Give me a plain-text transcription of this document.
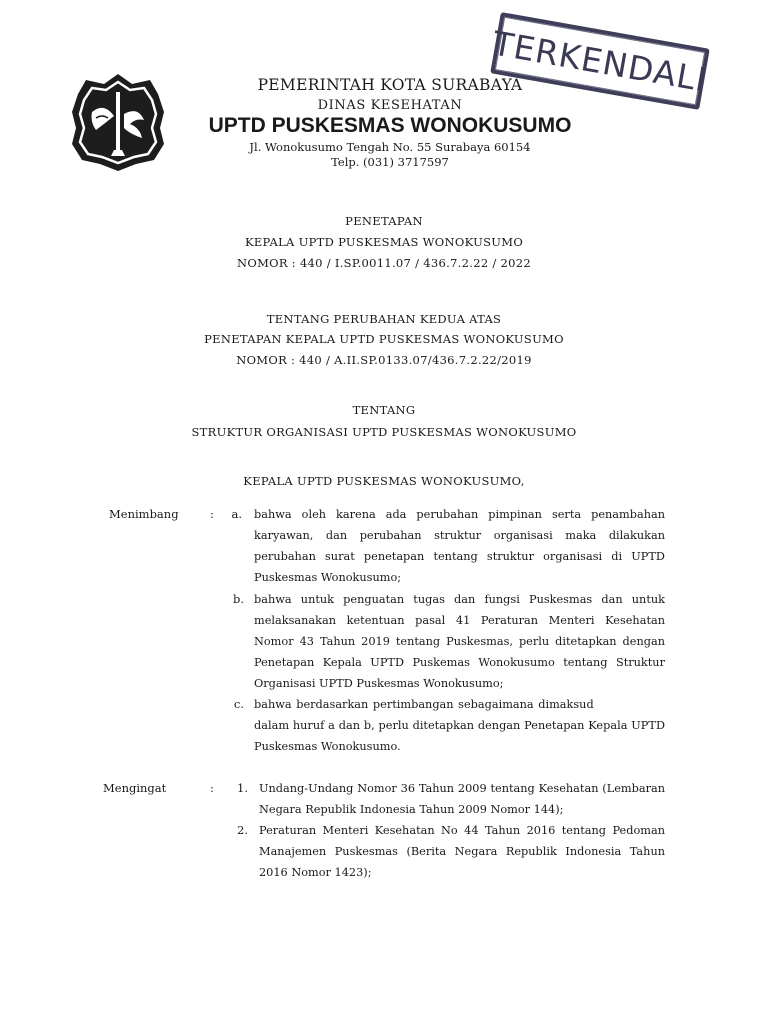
PEMERINTAH KOTA SURABAYA
DINAS KESEHATAN
UPTD PUSKESMAS WONOKUSUMO
Jl. Wonokusumo Tengah No. 55 Surabaya 60154
Telp. (031) 3717597
TERKENDALI
PENETAPAN
KEPALA UPTD PUSKESMAS WONOKUSUMO
NOMOR : 440 / I.SP.0011.07 / 436.7.2.22 / 2022
TENTANG PERUBAHAN KEDUA ATAS
PENETAPAN KEPALA UPTD PUSKESMAS WONOKUSUMO
NOMOR : 440 / A.II.SP.0133.07/436.7.2.22/2019
TENTANG
STRUKTUR ORGANISASI UPTD PUSKESMAS WONOKUSUMO
KEPALA UPTD PUSKESMAS WONOKUSUMO,
Menimbang	:	a. bahwa oleh karena ada perubahan pimpinan serta penambahan karyawan, dan perubahan struktur organisasi maka dilakukan perubahan surat penetapan tentang struktur organisasi di UPTD Puskesmas Wonokusumo;
b. bahwa untuk penguatan tugas dan fungsi Puskesmas dan untuk melaksanakan ketentuan pasal 41 Peraturan Menteri Kesehatan Nomor 43 Tahun 2019 tentang Puskesmas, perlu ditetapkan dengan Penetapan Kepala UPTD Puskemas Wonokusumo tentang Struktur Organisasi UPTD Puskesmas Wonokusumo;
c. bahwa berdasarkan pertimbangan sebagaimana dimaksud
dalam huruf a dan b, perlu ditetapkan dengan Penetapan Kepala UPTD Puskesmas Wonokusumo.
Mengingat	:	1. Undang-Undang Nomor 36 Tahun 2009 tentang Kesehatan (Lembaran Negara Republik Indonesia Tahun 2009 Nomor 144);
2. Peraturan Menteri Kesehatan No 44 Tahun 2016 tentang Pedoman Manajemen Puskesmas (Berita Negara Republik Indonesia Tahun 2016 Nomor 1423);
